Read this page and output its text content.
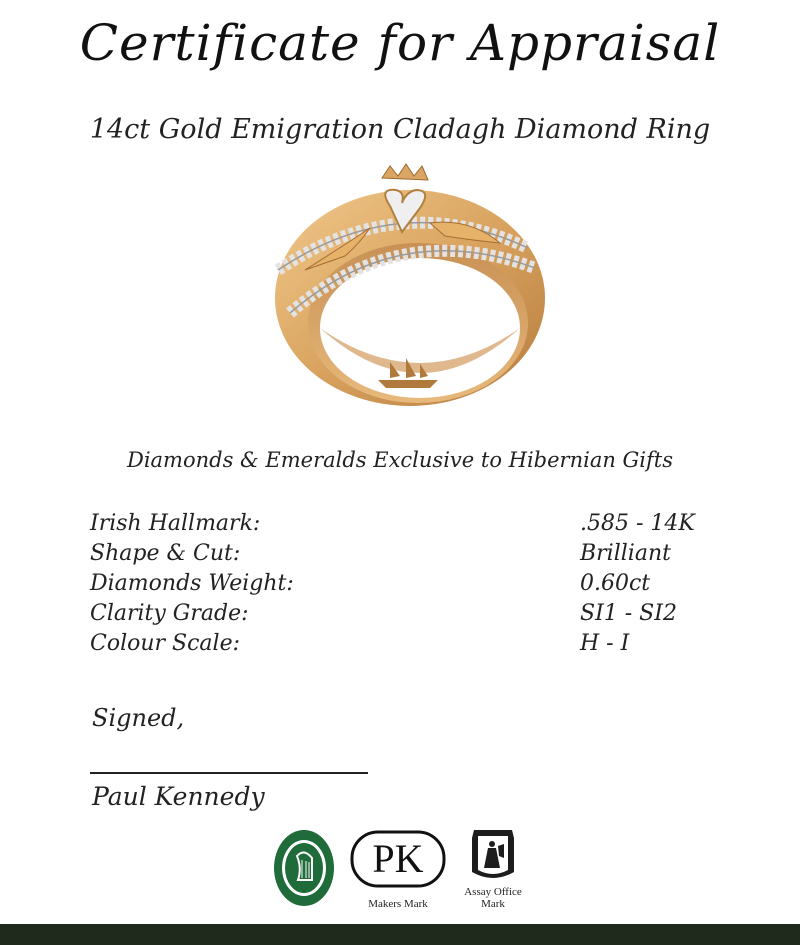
Certificate for Appraisal
14ct Gold Emigration Cladagh Diamond Ring
Diamonds & Emeralds Exclusive to Hibernian Gifts
Irish Hallmark:	.585 - 14K
Shape & Cut:	Brilliant
Diamonds Weight:	0.60ct
Clarity Grade:	SI1 - SI2
Colour Scale:	H - I
Signed,
Paul Kennedy
PK
Makers Mark
Assay Office
Mark
